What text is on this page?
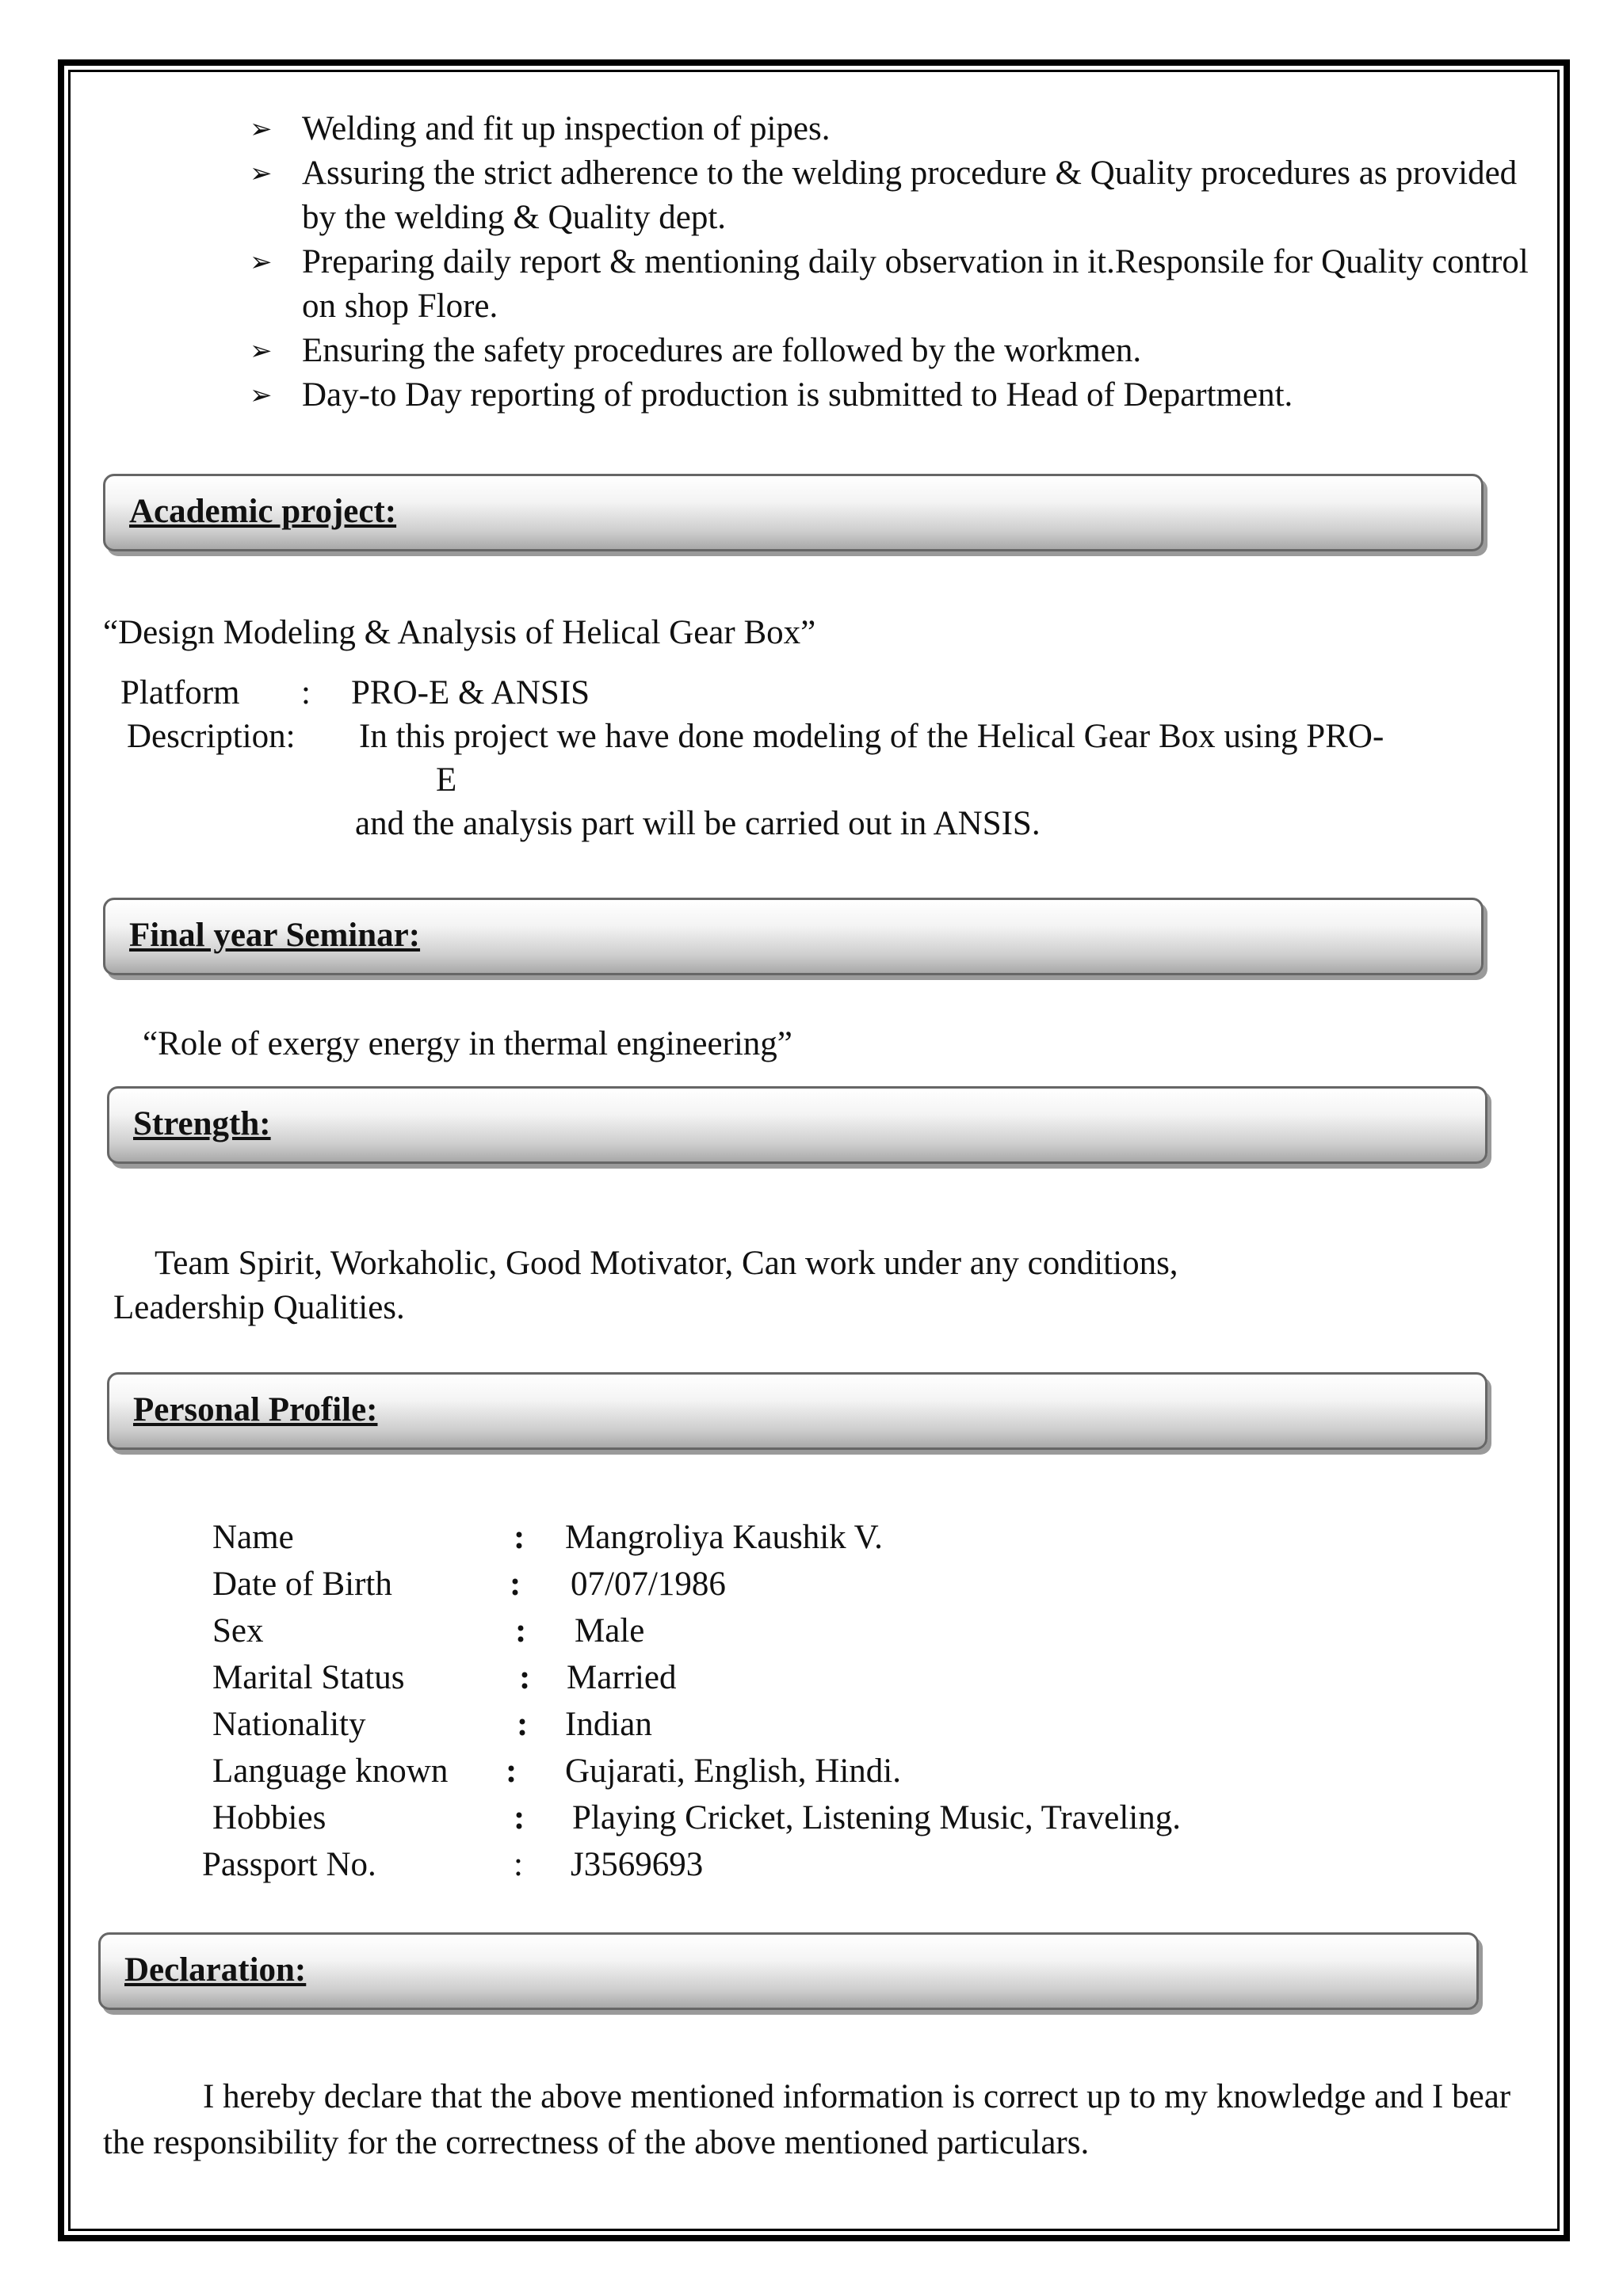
➢ Welding and fit up inspection of pipes.
➢ Assuring the strict adherence to the welding procedure & Quality procedures as provided by the welding & Quality dept.
➢ Preparing daily report & mentioning daily observation in it.Responsile for Quality control on shop Flore.
➢ Ensuring the safety procedures are followed by the workmen.
➢ Day-to Day reporting of production is submitted to Head of Department.
Academic project:
“Design Modeling & Analysis of Helical Gear Box”
Platform : PRO-E & ANSIS
Description: In this project we have done modeling of the Helical Gear Box using PRO-
E
and the analysis part will be carried out in ANSIS.
Final year Seminar:
“Role of exergy energy in thermal engineering”
Strength:
Team Spirit, Workaholic, Good Motivator, Can work under any conditions,
Leadership Qualities.
Personal Profile:
Name	: Mangroliya Kaushik V.
Date of Birth	: 07/07/1986
Sex	: Male
Marital Status	: Married
Nationality	: Indian
Language known : Gujarati, English, Hindi.
Hobbies	: Playing Cricket, Listening Music, Traveling.
Passport No.	: J3569693
Declaration:
I hereby declare that the above mentioned information is correct up to my knowledge and I bear the responsibility for the correctness of the above mentioned particulars.
